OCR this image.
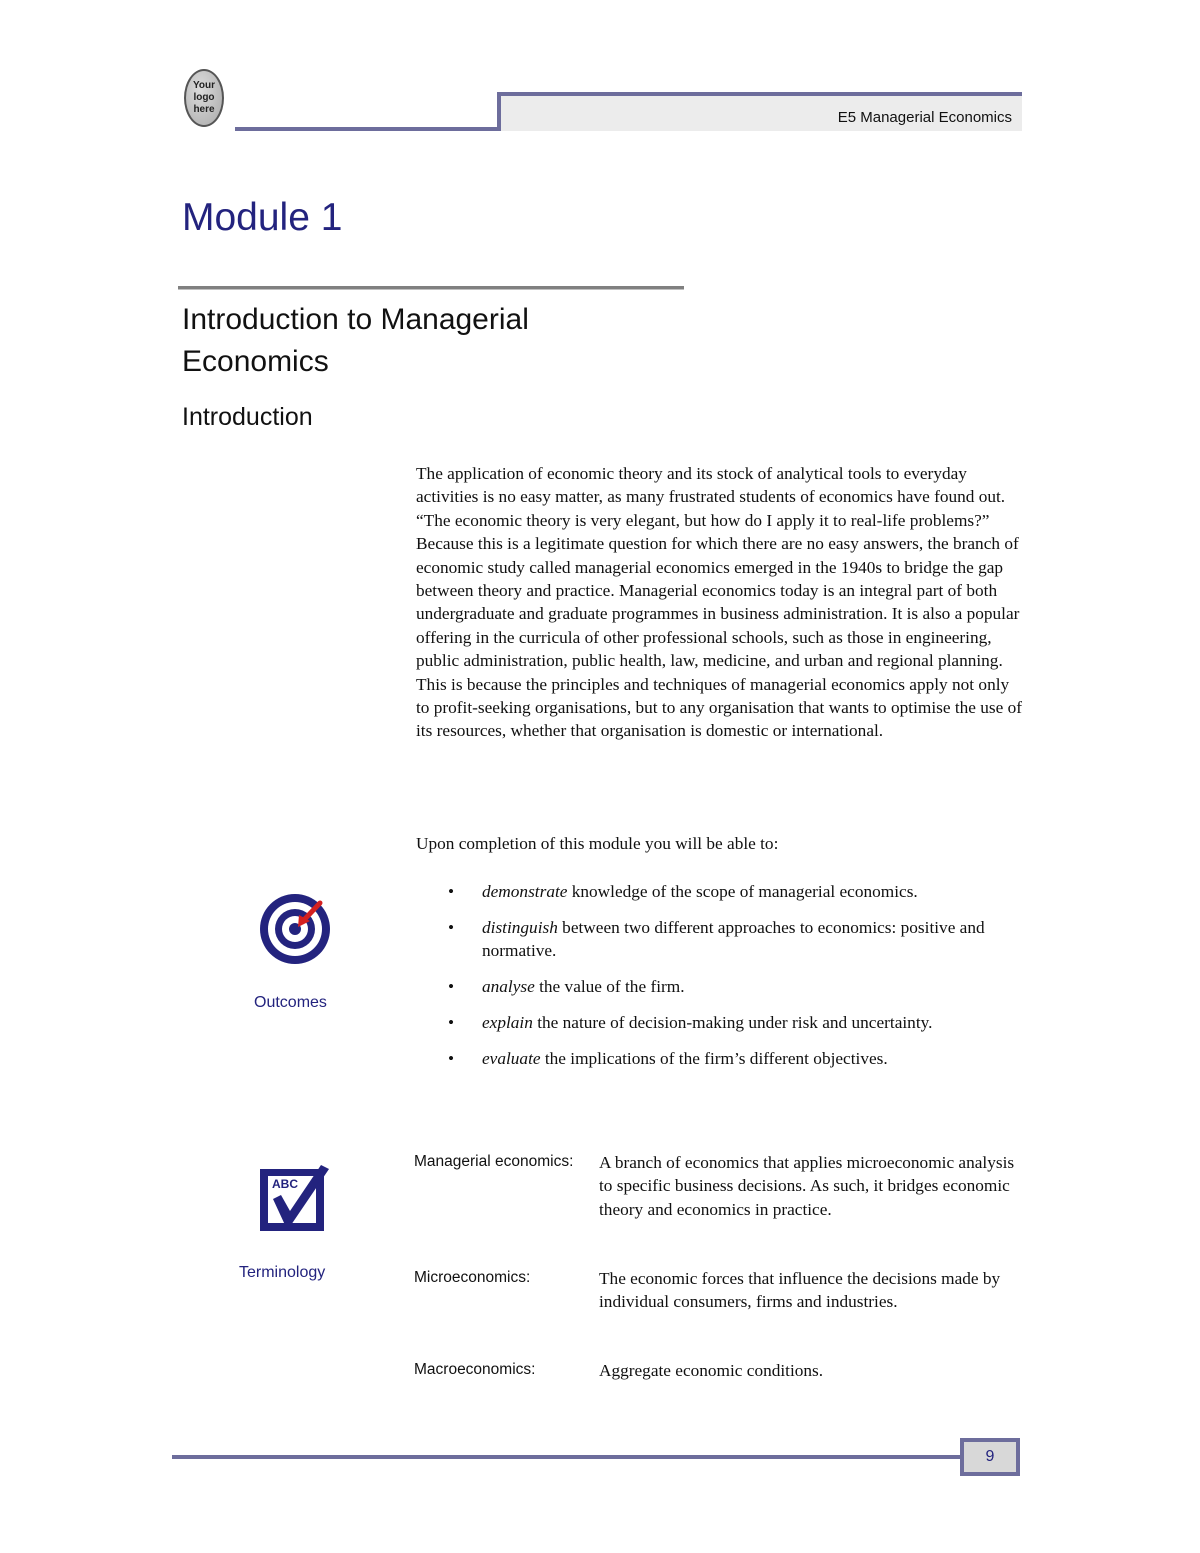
Your logo here	E5 Managerial Economics
Module 1
Introduction to Managerial Economics
Introduction
The application of economic theory and its stock of analytical tools to everyday activities is no easy matter, as many frustrated students of economics have found out. “The economic theory is very elegant, but how do I apply it to real-life problems?” Because this is a legitimate question for which there are no easy answers, the branch of economic study called managerial economics emerged in the 1940s to bridge the gap between theory and practice. Managerial economics today is an integral part of both undergraduate and graduate programmes in business administration. It is also a popular offering in the curricula of other professional schools, such as those in engineering, public administration, public health, law, medicine, and urban and regional planning. This is because the principles and techniques of managerial economics apply not only to profit-seeking organisations, but to any organisation that wants to optimise the use of its resources, whether that organisation is domestic or international.
Upon completion of this module you will be able to:
• demonstrate knowledge of the scope of managerial economics.
• distinguish between two different approaches to economics: positive and normative.
• analyse the value of the firm.
• explain the nature of decision-making under risk and uncertainty.
• evaluate the implications of the firm’s different objectives.
Outcomes
ABC
Terminology
Managerial economics:	A branch of economics that applies microeconomic analysis to specific business decisions. As such, it bridges economic theory and economics in practice.
Microeconomics:	The economic forces that influence the decisions made by individual consumers, firms and industries.
Macroeconomics:	Aggregate economic conditions.
9
